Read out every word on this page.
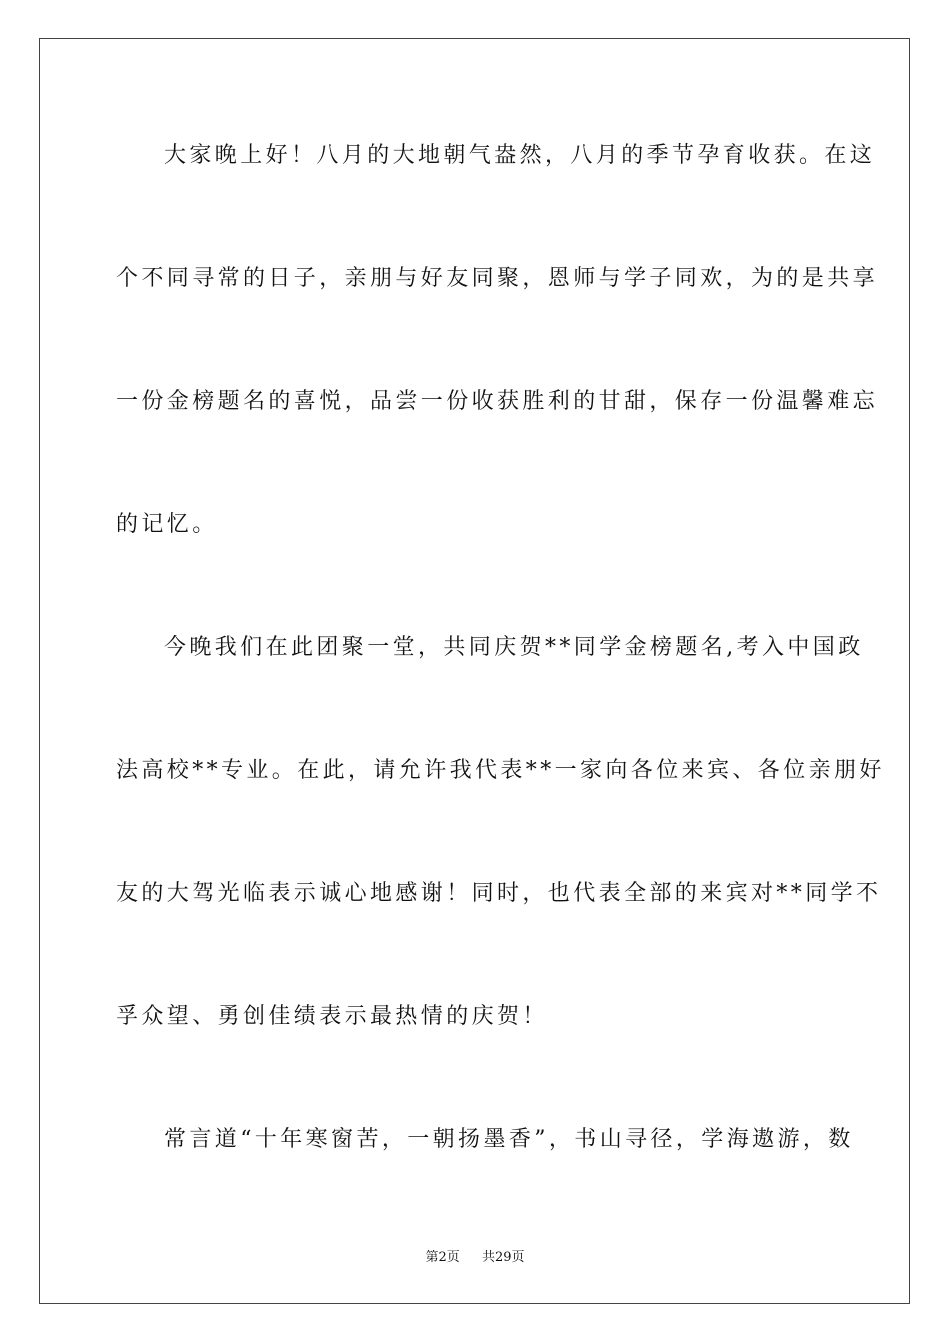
大家晚上好！八月的大地朝气盎然，八月的季节孕育收获。在这
个不同寻常的日子，亲朋与好友同聚，恩师与学子同欢，为的是共享
一份金榜题名的喜悦，品尝一份收获胜利的甘甜，保存一份温馨难忘
的记忆。
今晚我们在此团聚一堂，共同庆贺**同学金榜题名,考入中国政
法高校**专业。在此，请允许我代表**一家向各位来宾、各位亲朋好
友的大驾光临表示诚心地感谢！同时，也代表全部的来宾对**同学不
孚众望、勇创佳绩表示最热情的庆贺！
常言道“十年寒窗苦，一朝扬墨香”，书山寻径，学海遨游，数
第2页 共29页
